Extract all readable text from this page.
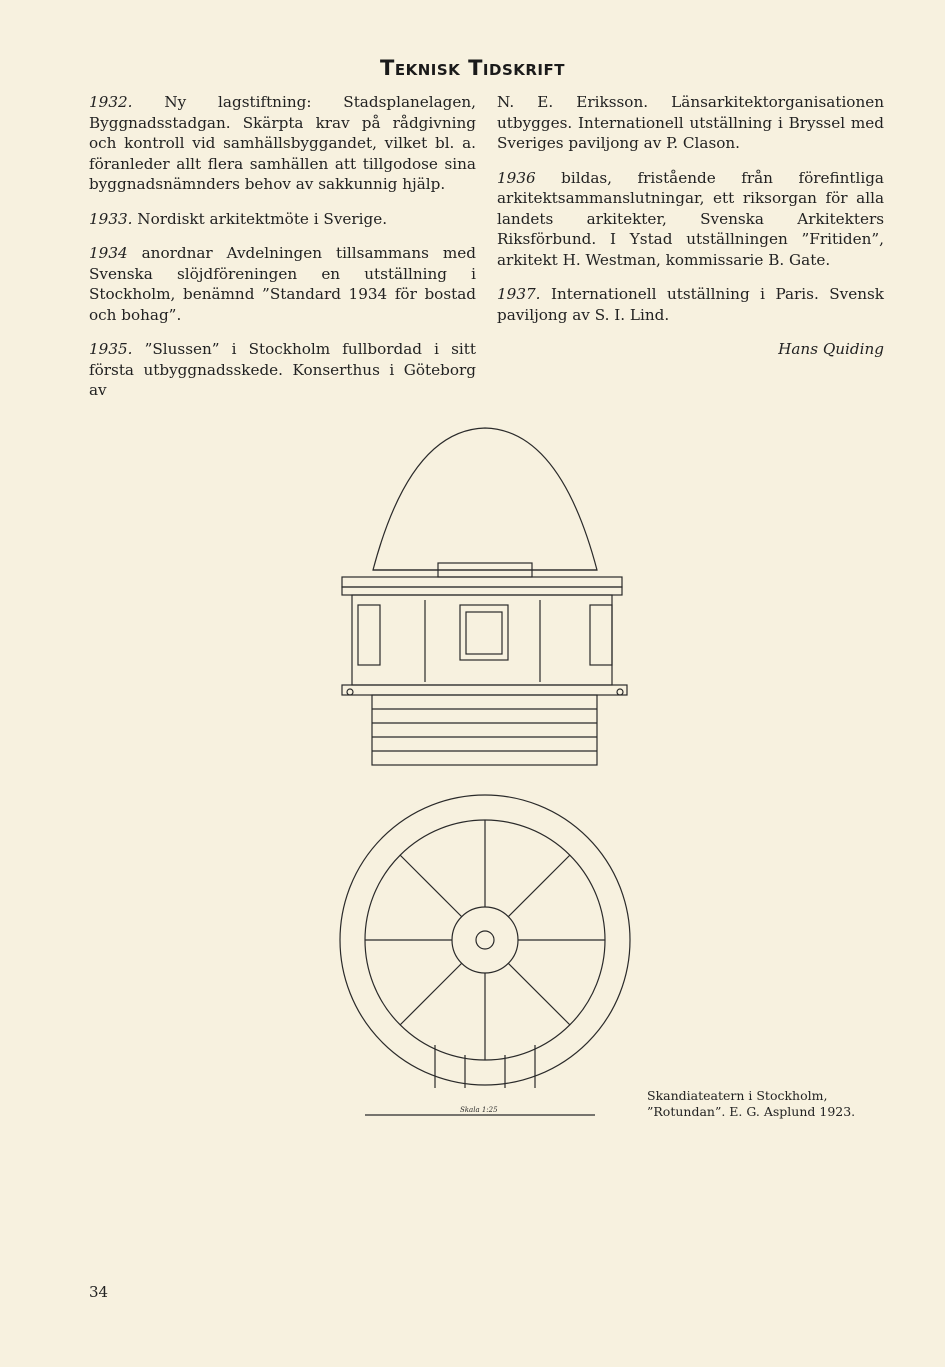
Teknisk Tidskrift

1932. Ny lagstiftning: Stadsplanelagen, Byggnadsstadgan. Skärpta krav på rådgivning och kontroll vid samhällsbyggandet, vilket bl. a. föranleder allt flera samhällen att tillgodose sina byggnadsnämnders behov av sakkunnig hjälp.

1933. Nordiskt arkitektmöte i Sverige.

1934 anordnar Avdelningen tillsammans med Svenska slöjdföreningen en utställning i Stockholm, benämnd ”Standard 1934 för bostad och bohag”.

1935. ”Slussen” i Stockholm fullbordad i sitt första utbyggnadsskede. Konserthus i Göteborg av

N. E. Eriksson. Länsarkitektorganisationen utbygges. Internationell utställning i Bryssel med Sveriges paviljong av P. Clason.

1936 bildas, fristående från förefintliga arkitektsammanslutningar, ett riksorgan för alla landets arkitekter, Svenska Arkitekters Riksförbund. I Ystad utställningen ”Fritiden”, arkitekt H. Westman, kommissarie B. Gate.

1937. Internationell utställning i Paris. Svensk paviljong av S. I. Lind.

Hans Quiding
Skala 1:25
Skandiateatern i Stockholm, ”Rotundan”. E. G. Asplund 1923.
34
